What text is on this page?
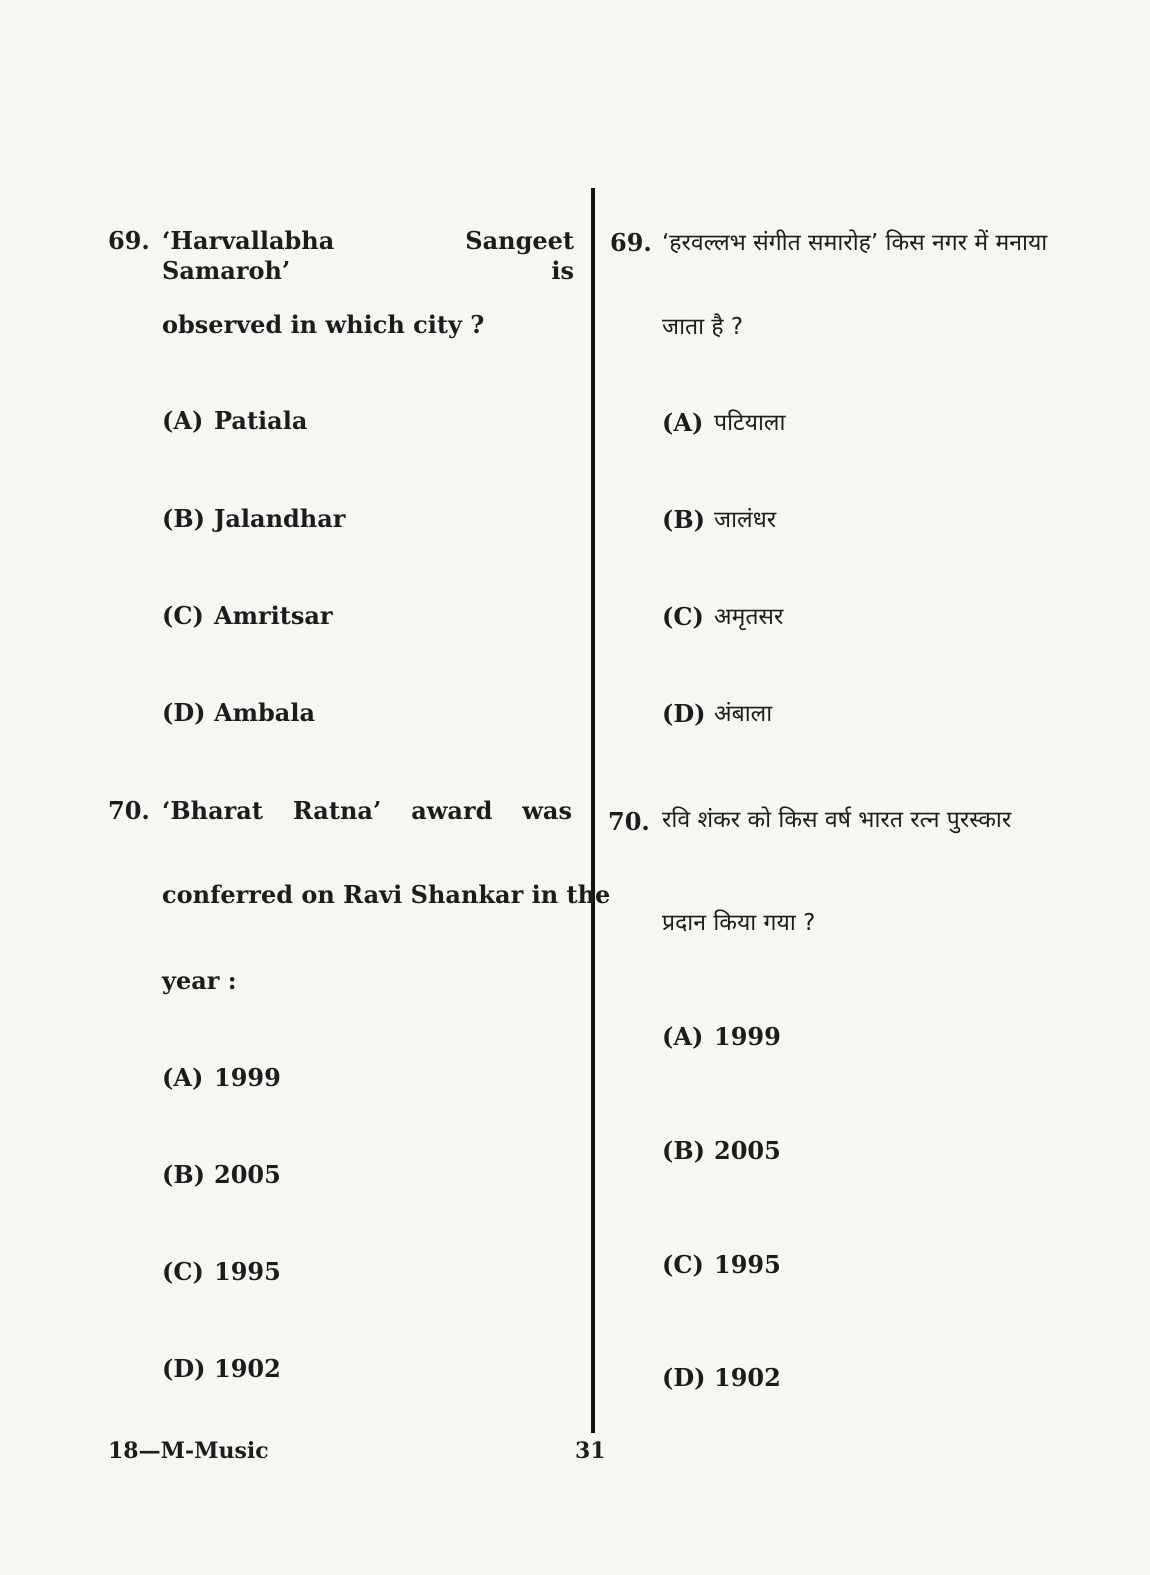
69. ‘Harvallabha Sangeet Samaroh’ is
observed in which city ?
(A) Patiala
(B) Jalandhar
(C) Amritsar
(D) Ambala
70. ‘Bharat Ratna’ award was
conferred on Ravi Shankar in the
year :
(A) 1999
(B) 2005
(C) 1995
(D) 1902
69. ‘हरवल्लभ संगीत समारोह’ किस नगर में मनाया
जाता है ?
(A) पटियाला
(B) जालंधर
(C) अमृतसर
(D) अंबाला
70. रवि शंकर को किस वर्ष भारत रत्न पुरस्कार
प्रदान किया गया ?
(A) 1999
(B) 2005
(C) 1995
(D) 1902
18—M-Music	31
